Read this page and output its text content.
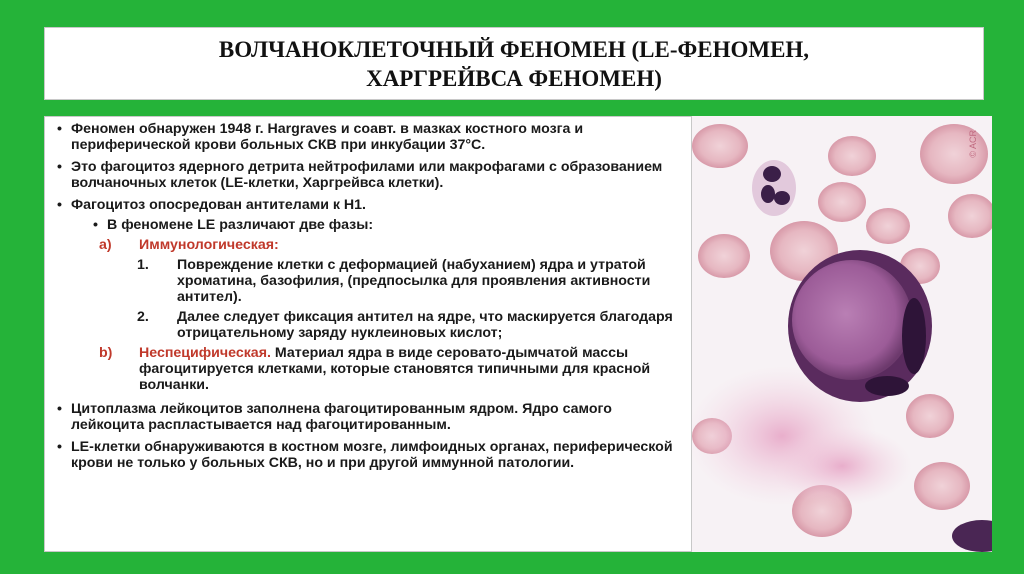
ВОЛЧАНОКЛЕТОЧНЫЙ ФЕНОМЕН (LE-ФЕНОМЕН,
ХАРГРЕЙВСА ФЕНОМЕН)
• Феномен обнаружен 1948 г. Hargraves и соавт. в мазках костного мозга и периферической крови больных СКВ при инкубации 37°С.
• Это фагоцитоз ядерного детрита нейтрофилами или макрофагами с образованием волчаночных клеток (LE-клетки, Харгрейвса клетки).
• Фагоцитоз опосредован антителами к Н1.
• В феномене LE различают две фазы:
a) Иммунологическая:
1. Повреждение клетки с деформацией (набуханием) ядра и утратой хроматина, базофилия, (предпосылка для проявления активности антител).
2. Далее следует фиксация антител на ядре, что маскируется благодаря отрицательному заряду нуклеиновых кислот;
b) Неспецифическая. Материал ядра в виде серовато-дымчатой массы фагоцитируется клетками, которые становятся типичными для красной волчанки.
• Цитоплазма лейкоцитов заполнена фагоцитированным ядром. Ядро самого лейкоцита распластывается над фагоцитированным.
• LE-клетки обнаруживаются в костном мозге, лимфоидных органах, периферической крови не только у больных СКВ, но и при другой иммунной патологии.
© ACR
